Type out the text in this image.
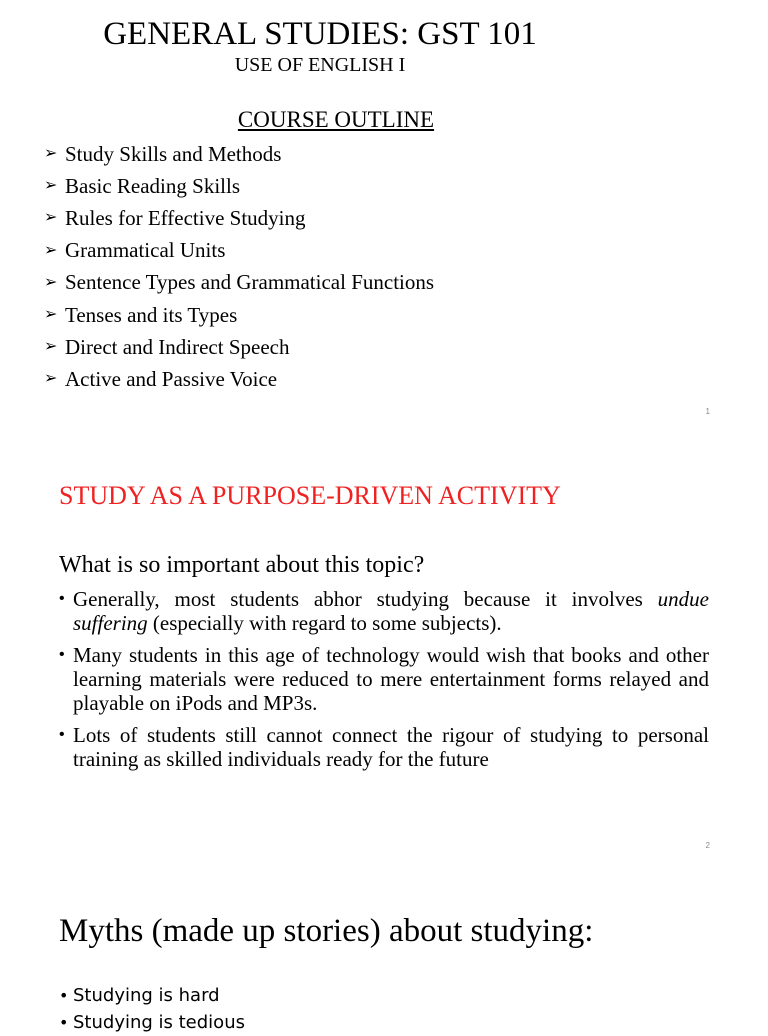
GENERAL STUDIES: GST 101
USE OF ENGLISH I
COURSE OUTLINE
➢ Study Skills and Methods
➢ Basic Reading Skills
➢ Rules for Effective Studying
➢ Grammatical Units
➢ Sentence Types and Grammatical Functions
➢ Tenses and its Types
➢ Direct and Indirect Speech
➢ Active and Passive Voice
1
STUDY AS A PURPOSE-DRIVEN ACTIVITY
What is so important about this topic?
• Generally, most students abhor studying because it involves undue suffering (especially with regard to some subjects).
• Many students in this age of technology would wish that books and other learning materials were reduced to mere entertainment forms relayed and playable on iPods and MP3s.
• Lots of students still cannot connect the rigour of studying to personal training as skilled individuals ready for the future
2
Myths (made up stories) about studying:
• Studying is hard
• Studying is tedious
